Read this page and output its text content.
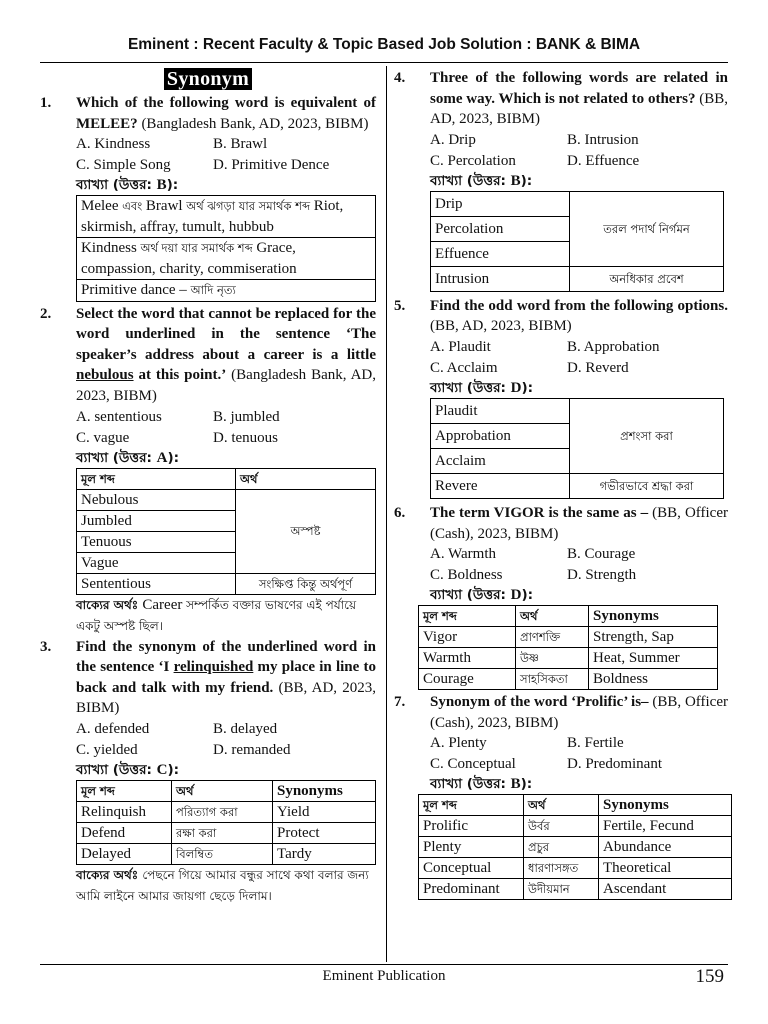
Eminent : Recent Faculty & Topic Based Job Solution : BANK & BIMA
Synonym
1.	Which of the following word is equivalent of MELEE? (Bangladesh Bank, AD, 2023, BIBM)
A. Kindness	B. Brawl
C. Simple Song	D. Primitive Dence
ব্যাখ্যা (উত্তর: B):
Melee এবং Brawl অর্থ ঝগড়া যার সমার্থক শব্দ Riot, skirmish, affray, tumult, hubbub
Kindness অর্থ দয়া যার সমার্থক শব্দ Grace, compassion, charity, commiseration
Primitive dance – আদি নৃত্য
2.	Select the word that cannot be replaced for the word underlined in the sentence ‘The speaker’s address about a career is a little nebulous at this point.’ (Bangladesh Bank, AD, 2023, BIBM)
A. sententious	B. jumbled
C. vague	D. tenuous
ব্যাখ্যা (উত্তর: A):
মূল শব্দ	অর্থ
Nebulous	অস্পষ্ট
Jumbled	
Tenuous	
Vague	
Sententious	সংক্ষিপ্ত কিন্তু অর্থপূর্ণ
বাক্যের অর্থঃ Career সম্পর্কিত বক্তার ভাষণের এই পর্যায়ে একটু অস্পষ্ট ছিল।
3.	Find the synonym of the underlined word in the sentence ‘I relinquished my place in line to back and talk with my friend. (BB, AD, 2023, BIBM)
A. defended	B. delayed
C. yielded	D. remanded
ব্যাখ্যা (উত্তর: C):
মূল শব্দ	অর্থ	Synonyms
Relinquish	পরিত্যাগ করা	Yield
Defend	রক্ষা করা	Protect
Delayed	বিলম্বিত	Tardy
বাক্যের অর্থঃ পেছনে গিয়ে আমার বন্ধুর সাথে কথা বলার জন্য আমি লাইনে আমার জায়গা ছেড়ে দিলাম।
4.	Three of the following words are related in some way. Which is not related to others? (BB, AD, 2023, BIBM)
A. Drip	B. Intrusion
C. Percolation	D. Effuence
ব্যাখ্যা (উত্তর: B):
Drip	তরল পদার্থ নির্গমন
Percolation	
Effuence	
Intrusion	অনধিকার প্রবেশ
5.	Find the odd word from the following options. (BB, AD, 2023, BIBM)
A. Plaudit	B. Approbation
C. Acclaim	D. Reverd
ব্যাখ্যা (উত্তর: D):
Plaudit	প্রশংসা করা
Approbation	
Acclaim	
Revere	গভীরভাবে শ্রদ্ধা করা
6.	The term VIGOR is the same as – (BB, Officer (Cash), 2023, BIBM)
A. Warmth	B. Courage
C. Boldness	D. Strength
ব্যাখ্যা (উত্তর: D):
মূল শব্দ	অর্থ	Synonyms
Vigor	প্রাণশক্তি	Strength, Sap
Warmth	উষ্ণ	Heat, Summer
Courage	সাহসিকতা	Boldness
7.	Synonym of the word ‘Prolific’ is– (BB, Officer (Cash), 2023, BIBM)
A. Plenty	B. Fertile
C. Conceptual	D. Predominant
ব্যাখ্যা (উত্তর: B):
মূল শব্দ	অর্থ	Synonyms
Prolific	উর্বর	Fertile, Fecund
Plenty	প্রচুর	Abundance
Conceptual	ধারণাসঙ্গত	Theoretical
Predominant	উদীয়মান	Ascendant
Eminent Publication	159
